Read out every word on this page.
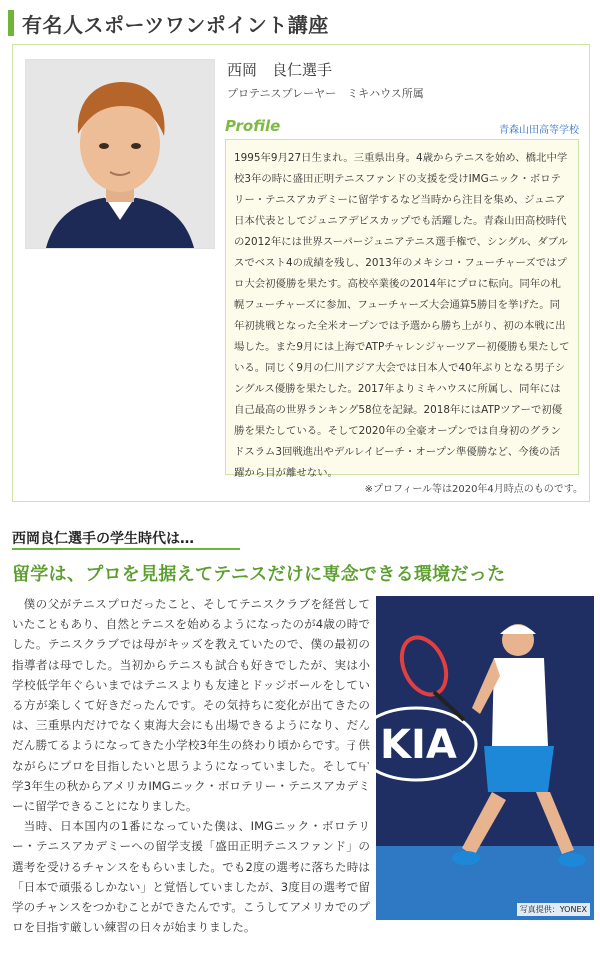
有名人スポーツワンポイント講座
西岡　良仁選手
プロテニスプレーヤー　ミキハウス所属
Profile	青森山田高等学校
1995年9月27日生まれ。三重県出身。4歳からテニスを始め、橋北中学校3年の時に盛田正明テニスファンドの支援を受けIMGニック・ボロテリー・テニスアカデミーに留学するなど当時から注目を集め、ジュニア日本代表としてジュニアデビスカップでも活躍した。青森山田高校時代の2012年には世界スーパージュニアテニス選手権で、シングル、ダブルスでベスト4の成績を残し、2013年のメキシコ・フューチャーズではプロ大会初優勝を果たす。高校卒業後の2014年にプロに転向。同年の札幌フューチャーズに参加、フューチャーズ大会通算5勝目を挙げた。同年初挑戦となった全米オープンでは予選から勝ち上がり、初の本戦に出場した。また9月には上海でATPチャレンジャーツアー初優勝も果たしている。同じく9月の仁川アジア大会では日本人で40年ぶりとなる男子シングルス優勝を果たした。2017年よりミキハウスに所属し、同年には自己最高の世界ランキング58位を記録。2018年にはATPツアーで初優勝を果たしている。そして2020年の全豪オープンでは自身初のグランドスラム3回戦進出やデルレイビーチ・オープン準優勝など、今後の活躍から目が離せない。
※プロフィール等は2020年4月時点のものです。
西岡良仁選手の学生時代は…
留学は、プロを見据えてテニスだけに専念できる環境だった

僕の父がテニスプロだったこと、そしてテニスクラブを経営していたこともあり、自然とテニスを始めるようになったのが4歳の時でした。テニスクラブでは母がキッズを教えていたので、僕の最初の指導者は母でした。当初からテニスも試合も好きでしたが、実は小学校低学年ぐらいまではテニスよりも友達とドッジボールをしている方が楽しくて好きだったんです。その気持ちに変化が出てきたのは、三重県内だけでなく東海大会にも出場できるようになり、だんだん勝てるようになってきた小学校3年生の終わり頃からです。子供ながらにプロを目指したいと思うようになっていました。そして中学3年生の秋からアメリカIMGニック・ボロテリー・テニスアカデミーに留学できることになりました。

当時、日本国内の1番になっていた僕は、IMGニック・ボロテリー・テニスアカデミーへの留学支援「盛田正明テニスファンド」の選考を受けるチャンスをもらいました。でも2度の選考に落ちた時は「日本で頑張るしかない」と覚悟していましたが、3度目の選考で留学のチャンスをつかむことができたんです。こうしてアメリカでのプロを目指す厳しい練習の日々が始まりました。

KIA
写真提供：YONEX
